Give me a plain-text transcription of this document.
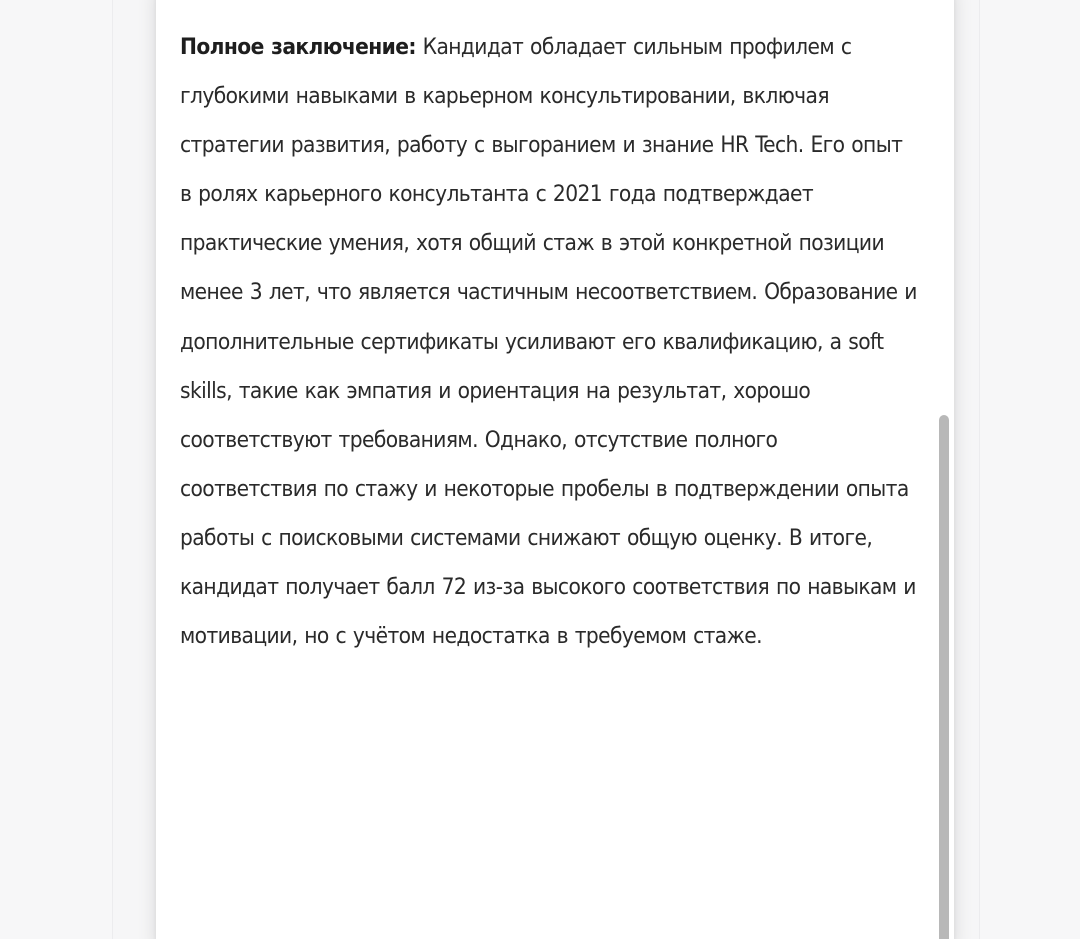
Полное заключение: Кандидат обладает сильным профилем с глубокими навыками в карьерном консультировании, включая стратегии развития, работу с выгоранием и знание HR Tech. Его опыт в ролях карьерного консультанта с 2021 года подтверждает практические умения, хотя общий стаж в этой конкретной позиции менее 3 лет, что является частичным несоответствием. Образование и дополнительные сертификаты усиливают его квалификацию, а soft skills, такие как эмпатия и ориентация на результат, хорошо соответствуют требованиям. Однако, отсутствие полного соответствия по стажу и некоторые пробелы в подтверждении опыта работы с поисковыми системами снижают общую оценку. В итоге, кандидат получает балл 72 из-за высокого соответствия по навыкам и мотивации, но с учётом недостатка в требуемом стаже.
